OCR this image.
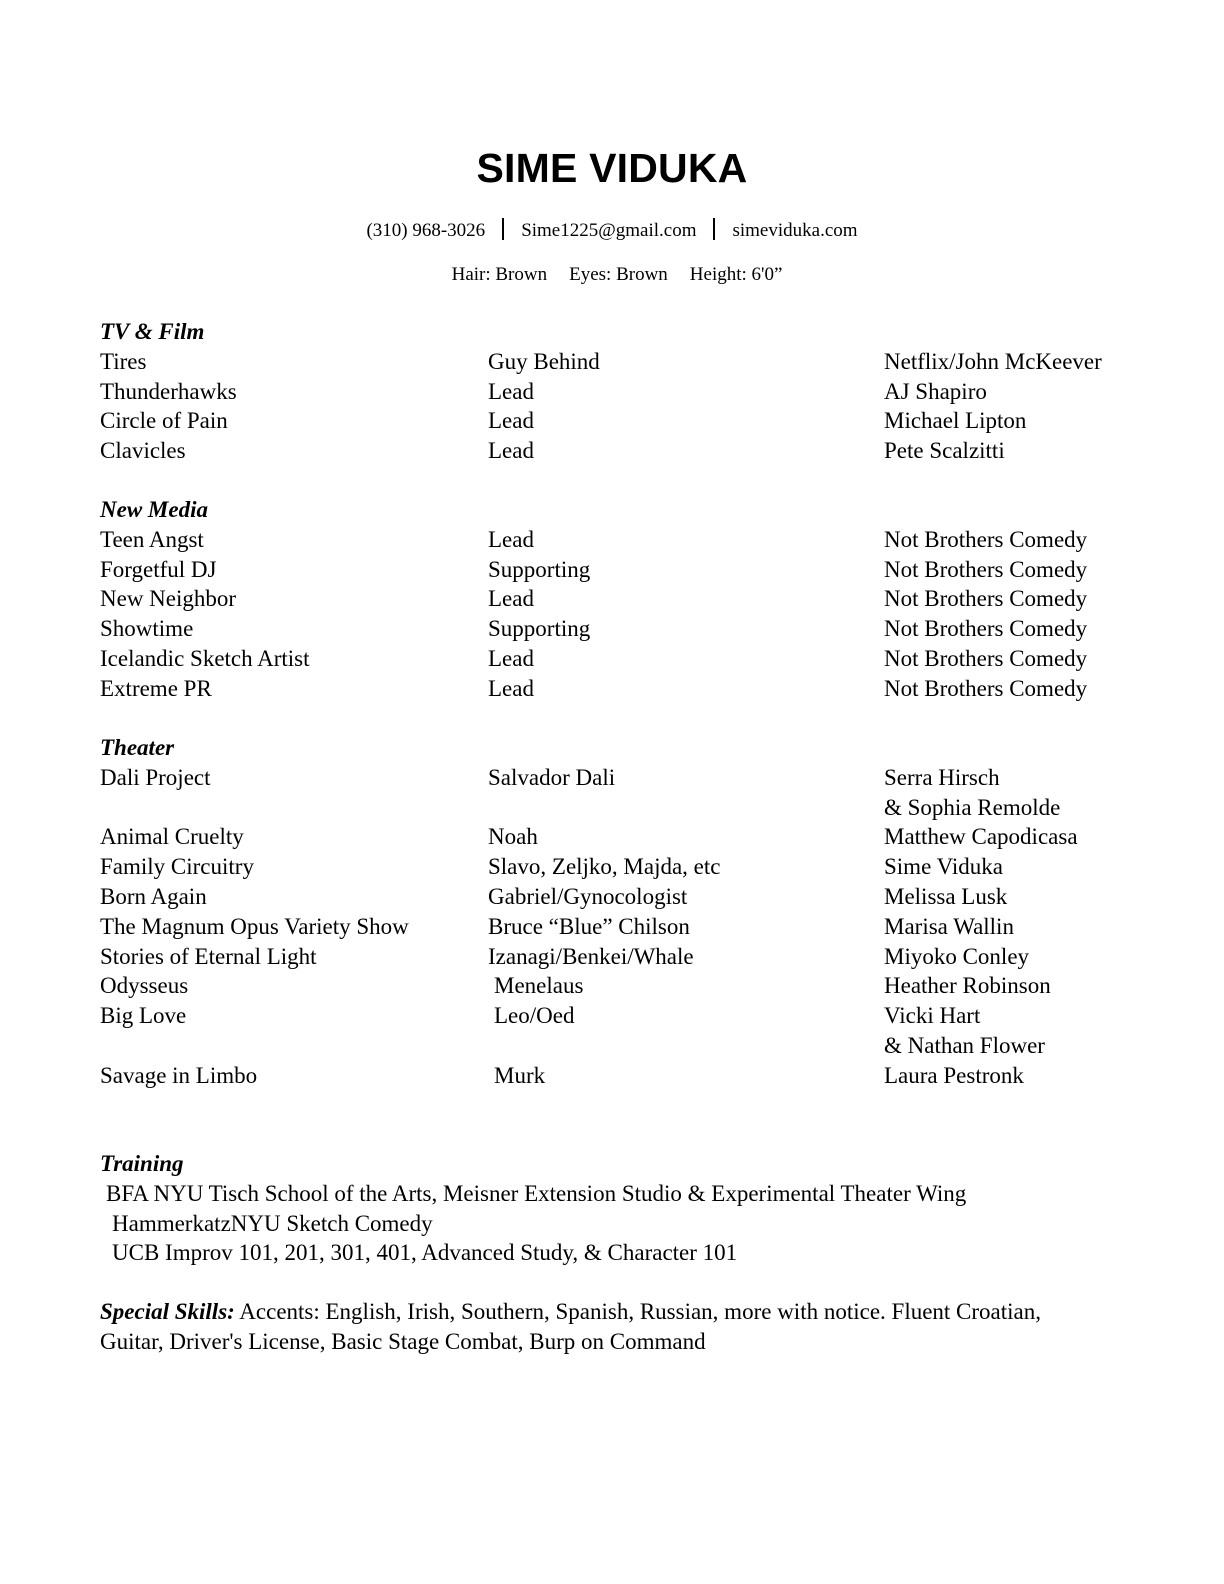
SIME VIDUKA
(310) 968-3026 Sime1225@gmail.com simeviduka.com
Hair: Brown Eyes: Brown Height: 6'0”
TV & Film
Tires	Guy Behind	Netflix/John McKeever
Thunderhawks	Lead	AJ Shapiro
Circle of Pain	Lead	Michael Lipton
Clavicles	Lead	Pete Scalzitti
New Media
Teen Angst	Lead	Not Brothers Comedy
Forgetful DJ	Supporting	Not Brothers Comedy
New Neighbor	Lead	Not Brothers Comedy
Showtime	Supporting	Not Brothers Comedy
Icelandic Sketch Artist	Lead	Not Brothers Comedy
Extreme PR	Lead	Not Brothers Comedy
Theater
Dali Project	Salvador Dali	Serra Hirsch
& Sophia Remolde
Animal Cruelty	Noah	Matthew Capodicasa
Family Circuitry	Slavo, Zeljko, Majda, etc	Sime Viduka
Born Again	Gabriel/Gynocologist	Melissa Lusk
The Magnum Opus Variety Show	Bruce “Blue” Chilson	Marisa Wallin
Stories of Eternal Light	Izanagi/Benkei/Whale	Miyoko Conley
Odysseus	Menelaus	Heather Robinson
Big Love	Leo/Oed	Vicki Hart
& Nathan Flower
Savage in Limbo	Murk	Laura Pestronk
Training
BFA NYU Tisch School of the Arts, Meisner Extension Studio & Experimental Theater Wing
HammerkatzNYU Sketch Comedy
UCB Improv 101, 201, 301, 401, Advanced Study, & Character 101
Special Skills: Accents: English, Irish, Southern, Spanish, Russian, more with notice. Fluent Croatian, Guitar, Driver's License, Basic Stage Combat, Burp on Command
